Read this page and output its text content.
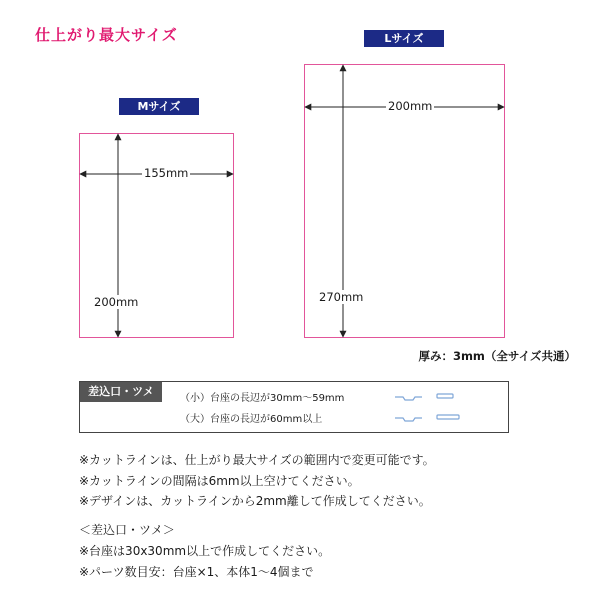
仕上がり最大サイズ	Lサイズ
Mサイズ
155mm
200mm
200mm
270mm
厚み：3mm（全サイズ共通）
差込口・ツメ
（小）台座の長辺が30mm～59mm
（大）台座の長辺が60mm以上
※カットラインは、仕上がり最大サイズの範囲内で変更可能です。
※カットラインの間隔は6mm以上空けてください。
※デザインは、カットラインから2mm離して作成してください。
＜差込口・ツメ＞
※台座は30x30mm以上で作成してください。
※パーツ数目安：台座×1、本体1～4個まで
